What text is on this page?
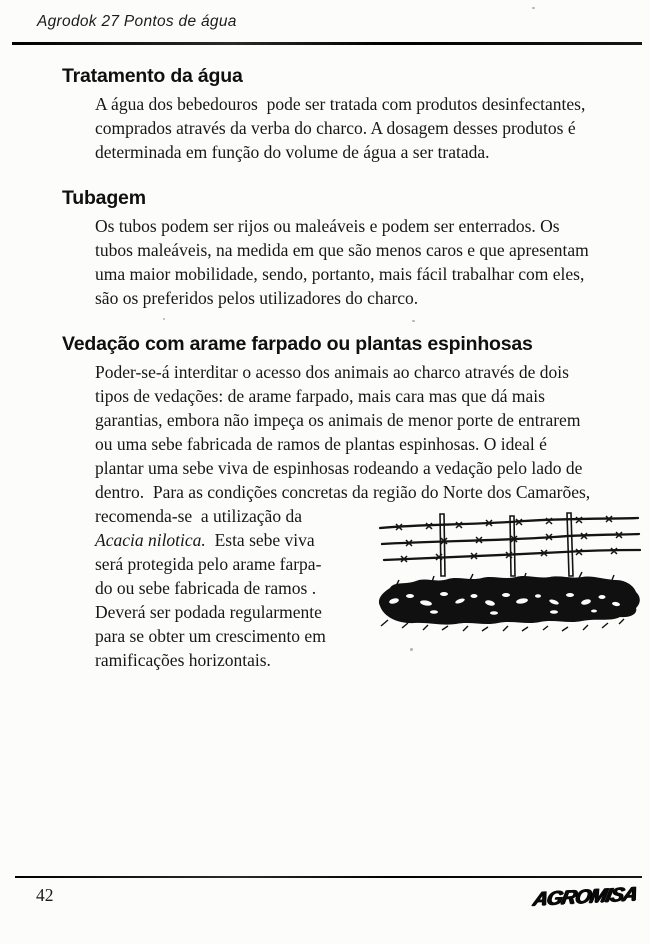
Agrodok 27 Pontos de água
Tratamento da água
A água dos bebedouros  pode ser tratada com produtos desinfectantes,
comprados através da verba do charco. A dosagem desses produtos é
determinada em função do volume de água a ser tratada.
Tubagem
Os tubos podem ser rijos ou maleáveis e podem ser enterrados. Os
tubos maleáveis, na medida em que são menos caros e que apresentam
uma maior mobilidade, sendo, portanto, mais fácil trabalhar com eles,
são os preferidos pelos utilizadores do charco.
Vedação com arame farpado ou plantas espinhosas
Poder-se-á interditar o acesso dos animais ao charco através de dois
tipos de vedações: de arame farpado, mais cara mas que dá mais
garantias, embora não impeça os animais de menor porte de entrarem
ou uma sebe fabricada de ramos de plantas espinhosas. O ideal é
plantar uma sebe viva de espinhosas rodeando a vedação pelo lado de
dentro.  Para as condições concretas da região do Norte dos Camarões,
recomenda-se  a utilização da
Acacia nilotica.  Esta sebe viva
será protegida pelo arame farpa-
do ou sebe fabricada de ramos .
Deverá ser podada regularmente
para se obter um crescimento em
ramificações horizontais.
42	AGROMISA
